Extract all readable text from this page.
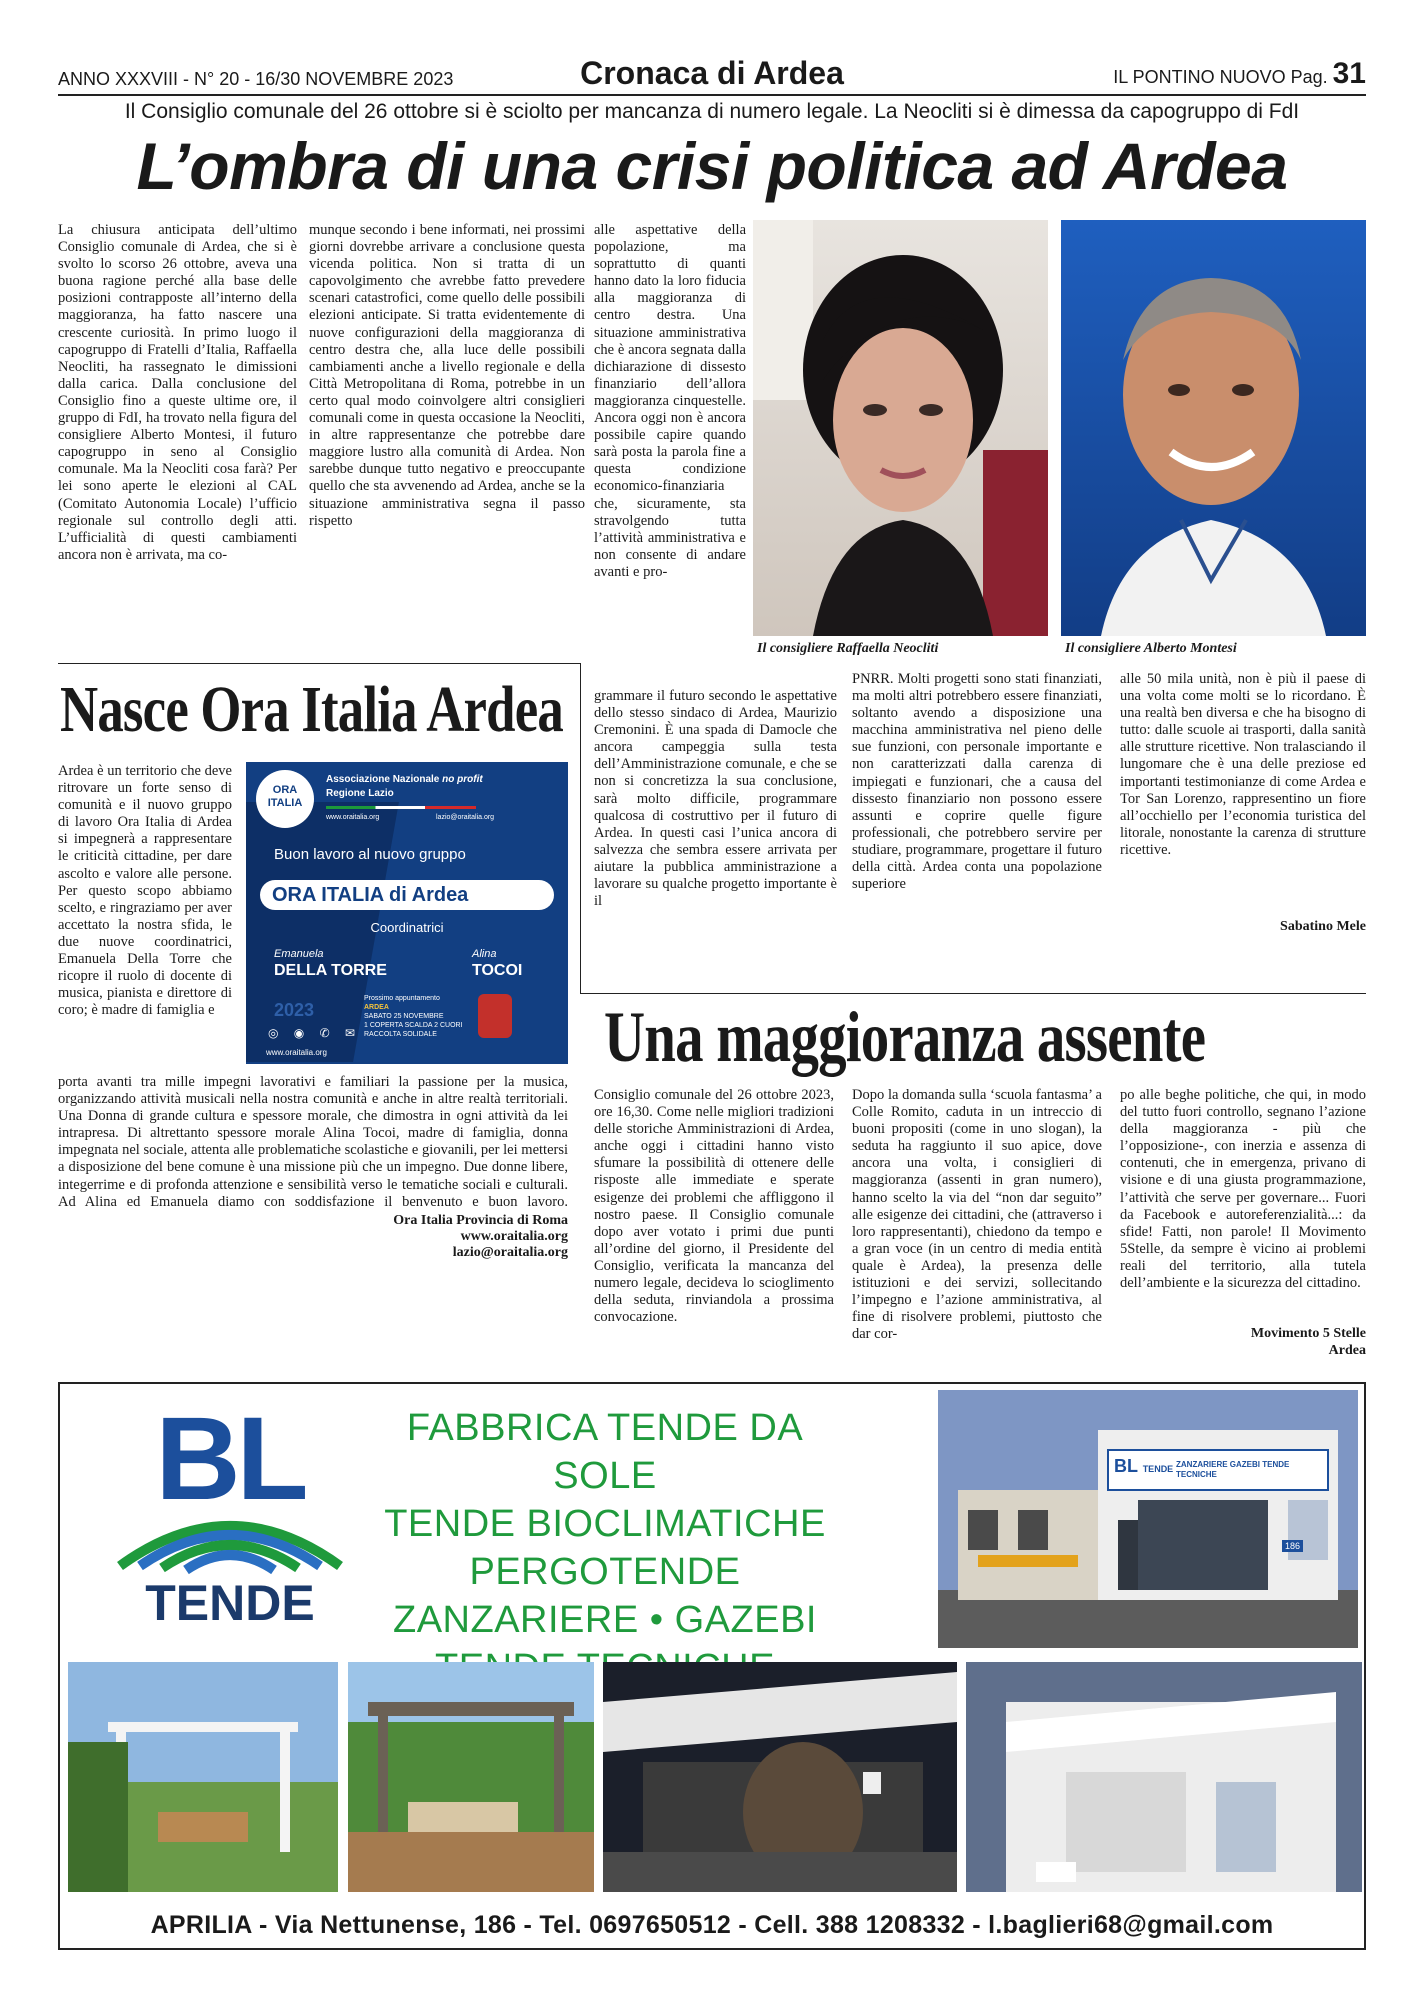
ANNO XXXVIII - N° 20 - 16/30 NOVEMBRE 2023	Cronaca di Ardea	IL PONTINO NUOVO Pag. 31
Il Consiglio comunale del 26 ottobre si è sciolto per mancanza di numero legale. La Neocliti si è dimessa da capogruppo di FdI
L’ombra di una crisi politica ad Ardea
La chiusura anticipata dell’ultimo Consiglio comunale di Ardea, che si è svolto lo scorso 26 ottobre, aveva una buona ragione perché alla base delle posizioni contrapposte all’interno della maggioranza, ha fatto nascere una crescente curiosità. In primo luogo il capogruppo di Fratelli d’Italia, Raffaella Neocliti, ha rassegnato le dimissioni dalla carica. Dalla conclusione del Consiglio fino a queste ultime ore, il gruppo di FdI, ha trovato nella figura del consigliere Alberto Montesi, il futuro capogruppo in seno al Consiglio comunale. Ma la Neocliti cosa farà? Per lei sono aperte le elezioni al CAL (Comitato Autonomia Locale) l’ufficio regionale sul controllo degli atti. L’ufficialità di questi cambiamenti ancora non è arrivata, ma co-
munque secondo i bene informati, nei prossimi giorni dovrebbe arrivare a conclusione questa vicenda politica. Non si tratta di un capovolgimento che avrebbe fatto prevedere scenari catastrofici, come quello delle possibili elezioni anticipate. Si tratta evidentemente di nuove configurazioni della maggioranza di centro destra che, alla luce delle possibili cambiamenti anche a livello regionale e della Città Metropolitana di Roma, potrebbe in un certo qual modo coinvolgere altri consiglieri comunali come in questa occasione la Neocliti, in altre rappresentanze che potrebbe dare maggiore lustro alla comunità di Ardea. Non sarebbe dunque tutto negativo e preoccupante quello che sta avvenendo ad Ardea, anche se la situazione amministrativa segna il passo rispetto
alle aspettative della popolazione, ma soprattutto di quanti hanno dato la loro fiducia alla maggioranza di centro destra. Una situazione amministrativa che è ancora segnata dalla dichiarazione di dissesto finanziario dell’allora maggioranza cinquestelle. Ancora oggi non è ancora possibile capire quando sarà posta la parola fine a questa condizione economico-finanziaria che, sicuramente, sta stravolgendo tutta l’attività amministrativa e non consente di andare avanti e pro-
Il consigliere Raffaella Neocliti	Il consigliere Alberto Montesi
grammare il futuro secondo le aspettative dello stesso sindaco di Ardea, Maurizio Cremonini. È una spada di Damocle che ancora campeggia sulla testa dell’Amministrazione comunale, e che se non si concretizza la sua conclusione, sarà molto difficile, programmare qualcosa di costruttivo per il futuro di Ardea. In questi casi l’unica ancora di salvezza che sembra essere arrivata per aiutare la pubblica amministrazione a lavorare su qualche progetto importante è il
PNRR. Molti progetti sono stati finanziati, ma molti altri potrebbero essere finanziati, soltanto avendo a disposizione una macchina amministrativa nel pieno delle sue funzioni, con personale importante e non caratterizzati dalla carenza di impiegati e funzionari, che a causa del dissesto finanziario non possono essere assunti e coprire quelle figure professionali, che potrebbero servire per studiare, programmare, progettare il futuro della città. Ardea conta una popolazione superiore
alle 50 mila unità, non è più il paese di una volta come molti se lo ricordano. È una realtà ben diversa e che ha bisogno di tutto: dalle scuole ai trasporti, dalla sanità alle strutture ricettive. Non tralasciando il lungomare che è una delle preziose ed importanti testimonianze di come Ardea e Tor San Lorenzo, rappresentino un fiore all’occhiello per l’economia turistica del litorale, nonostante la carenza di strutture ricettive.
Sabatino Mele
Nasce Ora Italia Ardea
Ardea è un territorio che deve ritrovare un forte senso di comunità e il nuovo gruppo di lavoro Ora Italia di Ardea si impegnerà a rappresentare le criticità cittadine, per dare ascolto e valore alle persone. Per questo scopo abbiamo scelto, e ringraziamo per aver accettato la nostra sfida, le due nuove coordinatrici, Emanuela Della Torre che ricopre il ruolo di docente di musica, pianista e direttore di coro; è madre di famiglia e
ORA
ITALIA
Associazione Nazionale no profit
Regione Lazio
www.oraitalia.org	lazio@oraitalia.org
Buon lavoro al nuovo gruppo
ORA ITALIA di Ardea
Coordinatrici
Emanuela
DELLA TORRE
Alina
TOCOI
2023
◎ ◉ ✆ ✉
Prossimo appuntamento
ARDEA
SABATO 25 NOVEMBRE
1 COPERTA SCALDA 2 CUORI
RACCOLTA SOLIDALE
www.oraitalia.org
porta avanti tra mille impegni lavorativi e familiari la passione per la musica, organizzando attività musicali nella nostra comunità e anche in altre realtà territoriali. Una Donna di grande cultura e spessore morale, che dimostra in ogni attività da lei intrapresa. Di altrettanto spessore morale Alina Tocoi, madre di famiglia, donna impegnata nel sociale, attenta alle problematiche scolastiche e giovanili, per lei mettersi a disposizione del bene comune è una missione più che un impegno. Due donne libere, integerrime e di profonda attenzione e sensibilità verso le tematiche sociali e culturali. Ad Alina ed Emanuela diamo con soddisfazione il benvenuto e buon lavoro.
Ora Italia Provincia di Roma
www.oraitalia.org
lazio@oraitalia.org
Una maggioranza assente
Consiglio comunale del 26 ottobre 2023, ore 16,30. Come nelle migliori tradizioni delle storiche Amministrazioni di Ardea, anche oggi i cittadini hanno visto sfumare la possibilità di ottenere delle risposte alle immediate e sperate esigenze dei problemi che affliggono il nostro paese. Il Consiglio comunale dopo aver votato i primi due punti all’ordine del giorno, il Presidente del Consiglio, verificata la mancanza del numero legale, decideva lo scioglimento della seduta, rinviandola a prossima convocazione.
Dopo la domanda sulla ‘scuola fantasma’ a Colle Romito, caduta in un intreccio di buoni propositi (come in uno slogan), la seduta ha raggiunto il suo apice, dove ancora una volta, i consiglieri di maggioranza (assenti in gran numero), hanno scelto la via del “non dar seguito” alle esigenze dei cittadini, che (attraverso i loro rappresentanti), chiedono da tempo e a gran voce (in un centro di media entità quale è Ardea), la presenza delle istituzioni e dei servizi, sollecitando l’impegno e l’azione amministrativa, al fine di risolvere problemi, piuttosto che dar cor-
po alle beghe politiche, che qui, in modo del tutto fuori controllo, segnano l’azione della maggioranza - più che l’opposizione-, con inerzia e assenza di contenuti, che in emergenza, privano di visione e di una giusta programmazione, l’attività che serve per governare... Fuori da Facebook e autoreferenzialità...: da sfide! Fatti, non parole! Il Movimento 5Stelle, da sempre è vicino ai problemi reali del territorio, alla tutela dell’ambiente e la sicurezza del cittadino.
Movimento 5 Stelle
Ardea
BL
TENDE
FABBRICA TENDE DA SOLE
TENDE BIOCLIMATICHE
PERGOTENDE
ZANZARIERE • GAZEBI
BL TENDE ZANZARIERE GAZEBI TENDE TECNICHE
186
APRILIA - Via Nettunense, 186 - Tel. 0697650512 - Cell. 388 1208332 - l.baglieri68@gmail.com
